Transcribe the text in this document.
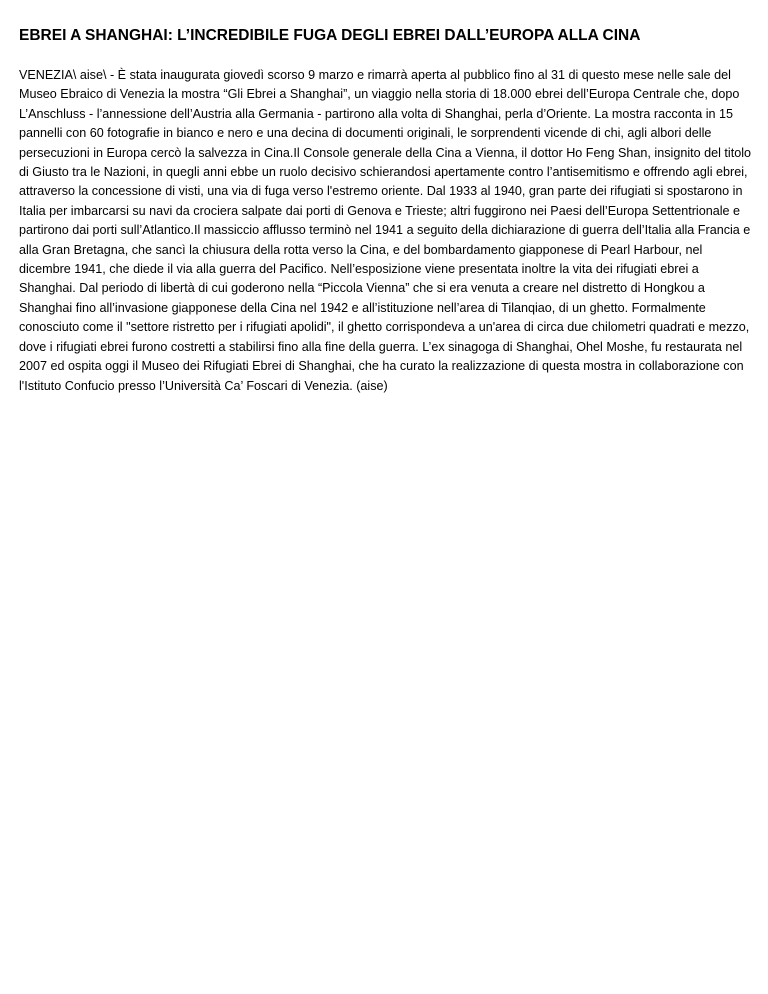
EBREI A SHANGHAI: L’INCREDIBILE FUGA DEGLI EBREI DALL’EUROPA ALLA CINA

VENEZIA\ aise\ - È stata inaugurata giovedì scorso 9 marzo e rimarrà aperta al pubblico fino al 31 di questo mese nelle sale del Museo Ebraico di Venezia la mostra “Gli Ebrei a Shanghai”, un viaggio nella storia di 18.000 ebrei dell’Europa Centrale che, dopo L’Anschluss - l’annessione dell’Austria alla Germania - partirono alla volta di Shanghai, perla d’Oriente. La mostra racconta in 15 pannelli con 60 fotografie in bianco e nero e una decina di documenti originali, le sorprendenti vicende di chi, agli albori delle persecuzioni in Europa cercò la salvezza in Cina.Il Console generale della Cina a Vienna, il dottor Ho Feng Shan, insignito del titolo di Giusto tra le Nazioni, in quegli anni ebbe un ruolo decisivo schierandosi apertamente contro l’antisemitismo e offrendo agli ebrei, attraverso la concessione di visti, una via di fuga verso l'estremo oriente. Dal 1933 al 1940, gran parte dei rifugiati si spostarono in Italia per imbarcarsi su navi da crociera salpate dai porti di Genova e Trieste; altri fuggirono nei Paesi dell’Europa Settentrionale e partirono dai porti sull’Atlantico.Il massiccio afflusso terminò nel 1941 a seguito della dichiarazione di guerra dell’Italia alla Francia e alla Gran Bretagna, che sancì la chiusura della rotta verso la Cina, e del bombardamento giapponese di Pearl Harbour, nel dicembre 1941, che diede il via alla guerra del Pacifico. Nell’esposizione viene presentata inoltre la vita dei rifugiati ebrei a Shanghai. Dal periodo di libertà di cui goderono nella “Piccola Vienna” che si era venuta a creare nel distretto di Hongkou a Shanghai fino all’invasione giapponese della Cina nel 1942 e all’istituzione nell’area di Tilanqiao, di un ghetto. Formalmente conosciuto come il "settore ristretto per i rifugiati apolidi", il ghetto corrispondeva a un'area di circa due chilometri quadrati e mezzo, dove i rifugiati ebrei furono costretti a stabilirsi fino alla fine della guerra. L’ex sinagoga di Shanghai, Ohel Moshe, fu restaurata nel 2007 ed ospita oggi il Museo dei Rifugiati Ebrei di Shanghai, che ha curato la realizzazione di questa mostra in collaborazione con l'Istituto Confucio presso l’Università Ca’ Foscari di Venezia. (aise)
